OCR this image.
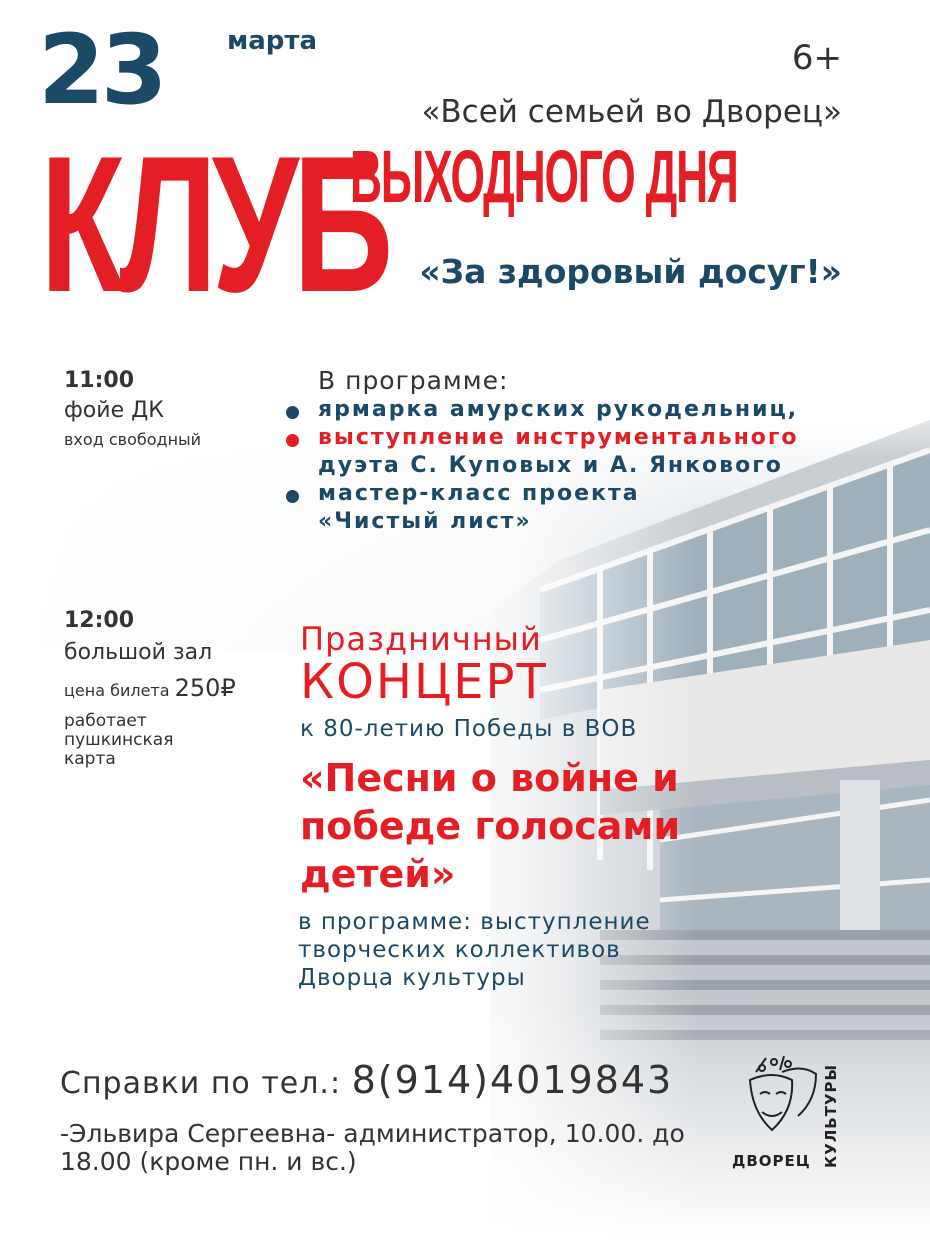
23 марта	6+
«Всей семьей во Дворец»
КЛУБ
ВЫХОДНОГО ДНЯ
«За здоровый досуг!»
11:00
фойе ДК
вход свободный
В программе:
ярмарка амурских рукодельниц,
выступление инструментального
дуэта С. Куповых и А. Янкового
мастер-класс проекта
«Чистый лист»
12:00
большой зал
цена билета 250₽
работает пушкинская карта
Праздничный
КОНЦЕРТ
к 80-летию Победы в ВОВ
«Песни о войне и победе голосами детей»
в программе: выступление творческих коллективов Дворца культуры
Справки по тел.: 8(914)4019843
-Эльвира Сергеевна- администратор, 10.00. до 18.00 (кроме пн. и вс.)	ДВОРЕЦ КУЛЬТУРЫ
